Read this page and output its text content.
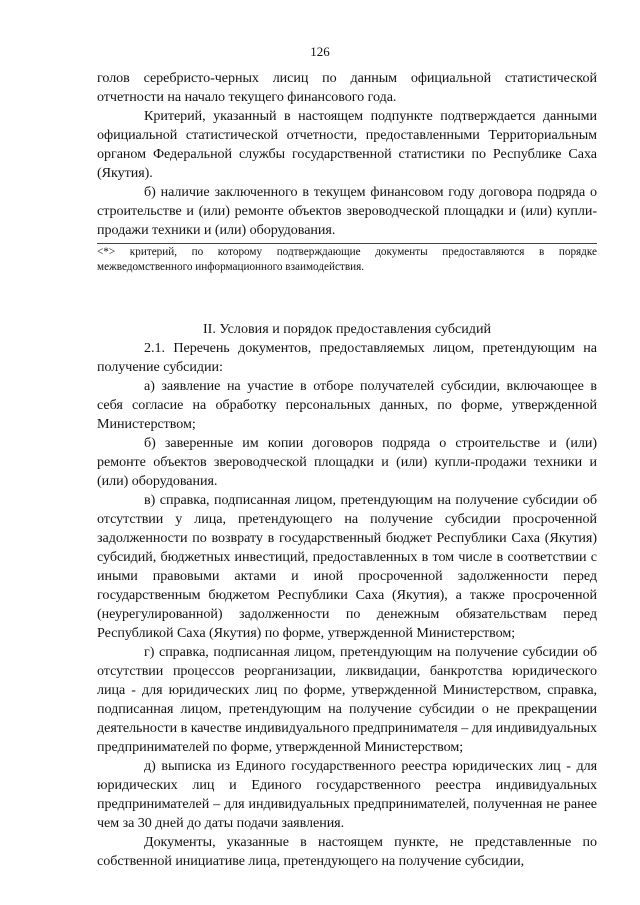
126

голов серебристо-черных лисиц по данным официальной статистической отчетности на начало текущего финансового года.

Критерий, указанный в настоящем подпункте подтверждается данными официальной статистической отчетности, предоставленными Территориальным органом Федеральной службы государственной статистики по Республике Саха (Якутия).

б) наличие заключенного в текущем финансовом году договора подряда о строительстве и (или) ремонте объектов звероводческой площадки и (или) купли-продажи техники и (или) оборудования.

<*> критерий, по которому подтверждающие документы предоставляются в порядке межведомственного информационного взаимодействия.

II. Условия и порядок предоставления субсидий

2.1. Перечень документов, предоставляемых лицом, претендующим на получение субсидии:

а) заявление на участие в отборе получателей субсидии, включающее в себя согласие на обработку персональных данных, по форме, утвержденной Министерством;

б) заверенные им копии договоров подряда о строительстве и (или) ремонте объектов звероводческой площадки и (или) купли-продажи техники и (или) оборудования.

в) справка, подписанная лицом, претендующим на получение субсидии об отсутствии у лица, претендующего на получение субсидии просроченной задолженности по возврату в государственный бюджет Республики Саха (Якутия) субсидий, бюджетных инвестиций, предоставленных в том числе в соответствии с иными правовыми актами и иной просроченной задолженности перед государственным бюджетом Республики Саха (Якутия), а также просроченной (неурегулированной) задолженности по денежным обязательствам перед Республикой Саха (Якутия) по форме, утвержденной Министерством;

г) справка, подписанная лицом, претендующим на получение субсидии об отсутствии процессов реорганизации, ликвидации, банкротства юридического лица - для юридических лиц по форме, утвержденной Министерством, справка, подписанная лицом, претендующим на получение субсидии о не прекращении деятельности в качестве индивидуального предпринимателя – для индивидуальных предпринимателей по форме, утвержденной Министерством;

д) выписка из Единого государственного реестра юридических лиц - для юридических лиц и Единого государственного реестра индивидуальных предпринимателей – для индивидуальных предпринимателей, полученная не ранее чем за 30 дней до даты подачи заявления.

Документы, указанные в настоящем пункте, не представленные по собственной инициативе лица, претендующего на получение субсидии,
